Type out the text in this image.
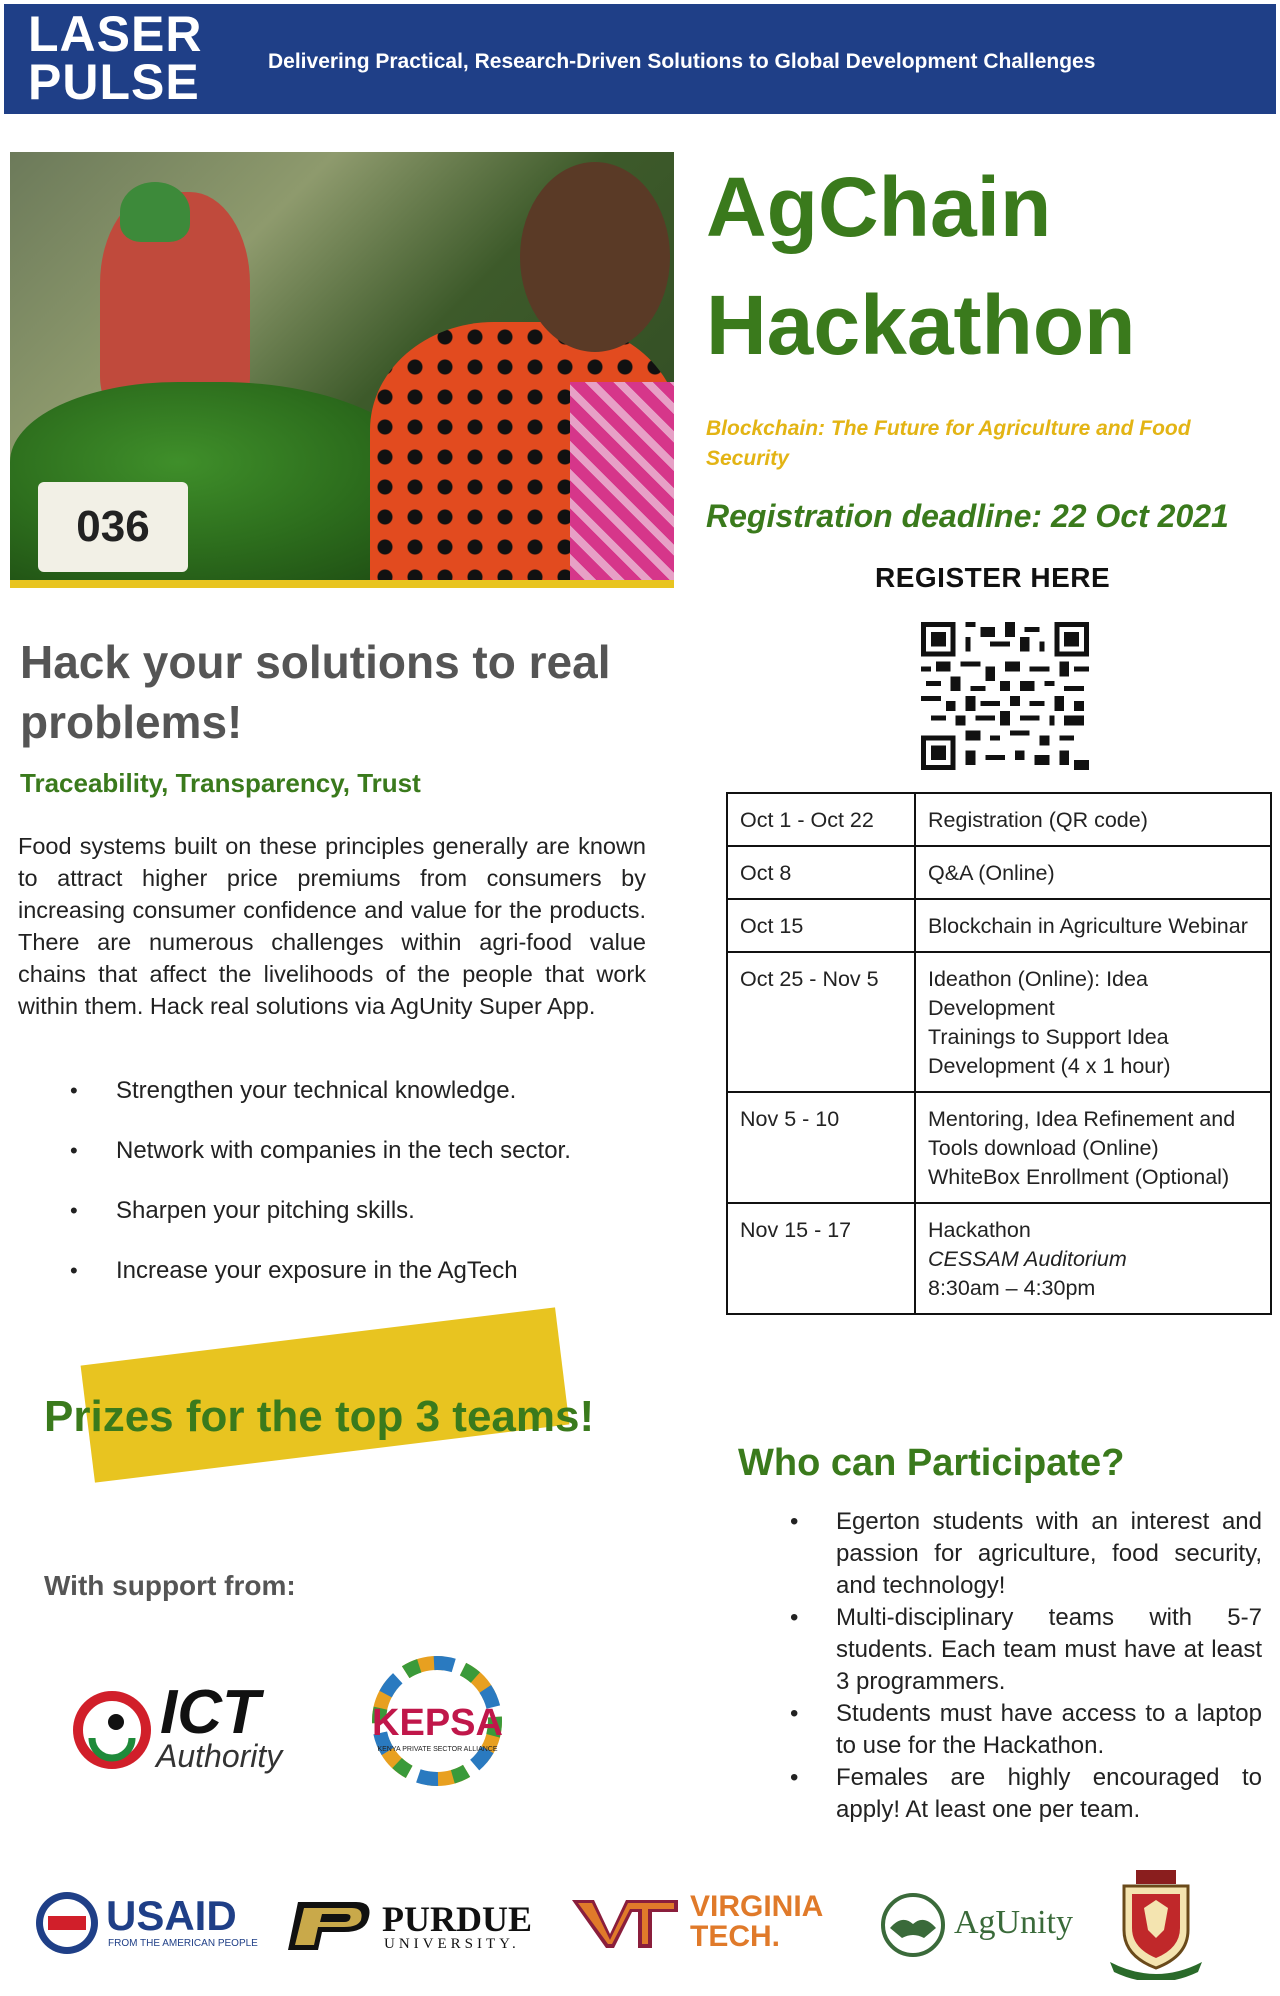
LASER
PULSE	Delivering Practical, Research-Driven Solutions to Global Development Challenges
036
AgChain
Hackathon
Blockchain: The Future for Agriculture and Food Security
Registration deadline: 22 Oct 2021
REGISTER HERE
Hack your solutions to real problems!
Traceability, Transparency, Trust
Food systems built on these principles generally are known to attract higher price premiums from consumers by increasing consumer confidence and value for the products. There are numerous challenges within agri-food value chains that affect the livelihoods of the people that work within them. Hack real solutions via AgUnity Super App.
• Strengthen your technical knowledge.
• Network with companies in the tech sector.
• Sharpen your pitching skills.
• Increase your exposure in the AgTech
Prizes for the top 3 teams!
With support from:
Oct 1 - Oct 22	Registration (QR code)

Oct 8	Q&A (Online)

Oct 15	Blockchain in Agriculture Webinar

Oct 25 - Nov 5	Ideathon (Online): Idea Development
Trainings to Support Idea Development (4 x 1 hour)

Nov 5 - 10	Mentoring, Idea Refinement and Tools download (Online)
WhiteBox Enrollment (Optional)

Nov 15 - 17	Hackathon
CESSAM Auditorium
8:30am – 4:30pm
Who can Participate?
• Egerton students with an interest and passion for agriculture, food security, and technology!
• Multi-disciplinary teams with 5-7 students. Each team must have at least 3 programmers.
• Students must have access to a laptop to use for the Hackathon.
• Females are highly encouraged to apply! At least one per team.
ICT
Authority
KEPSA
KENYA PRIVATE SECTOR ALLIANCE
USAID
FROM THE AMERICAN PEOPLE
PURDUE
UNIVERSITY.
VIRGINIA
TECH.	AgUnity
